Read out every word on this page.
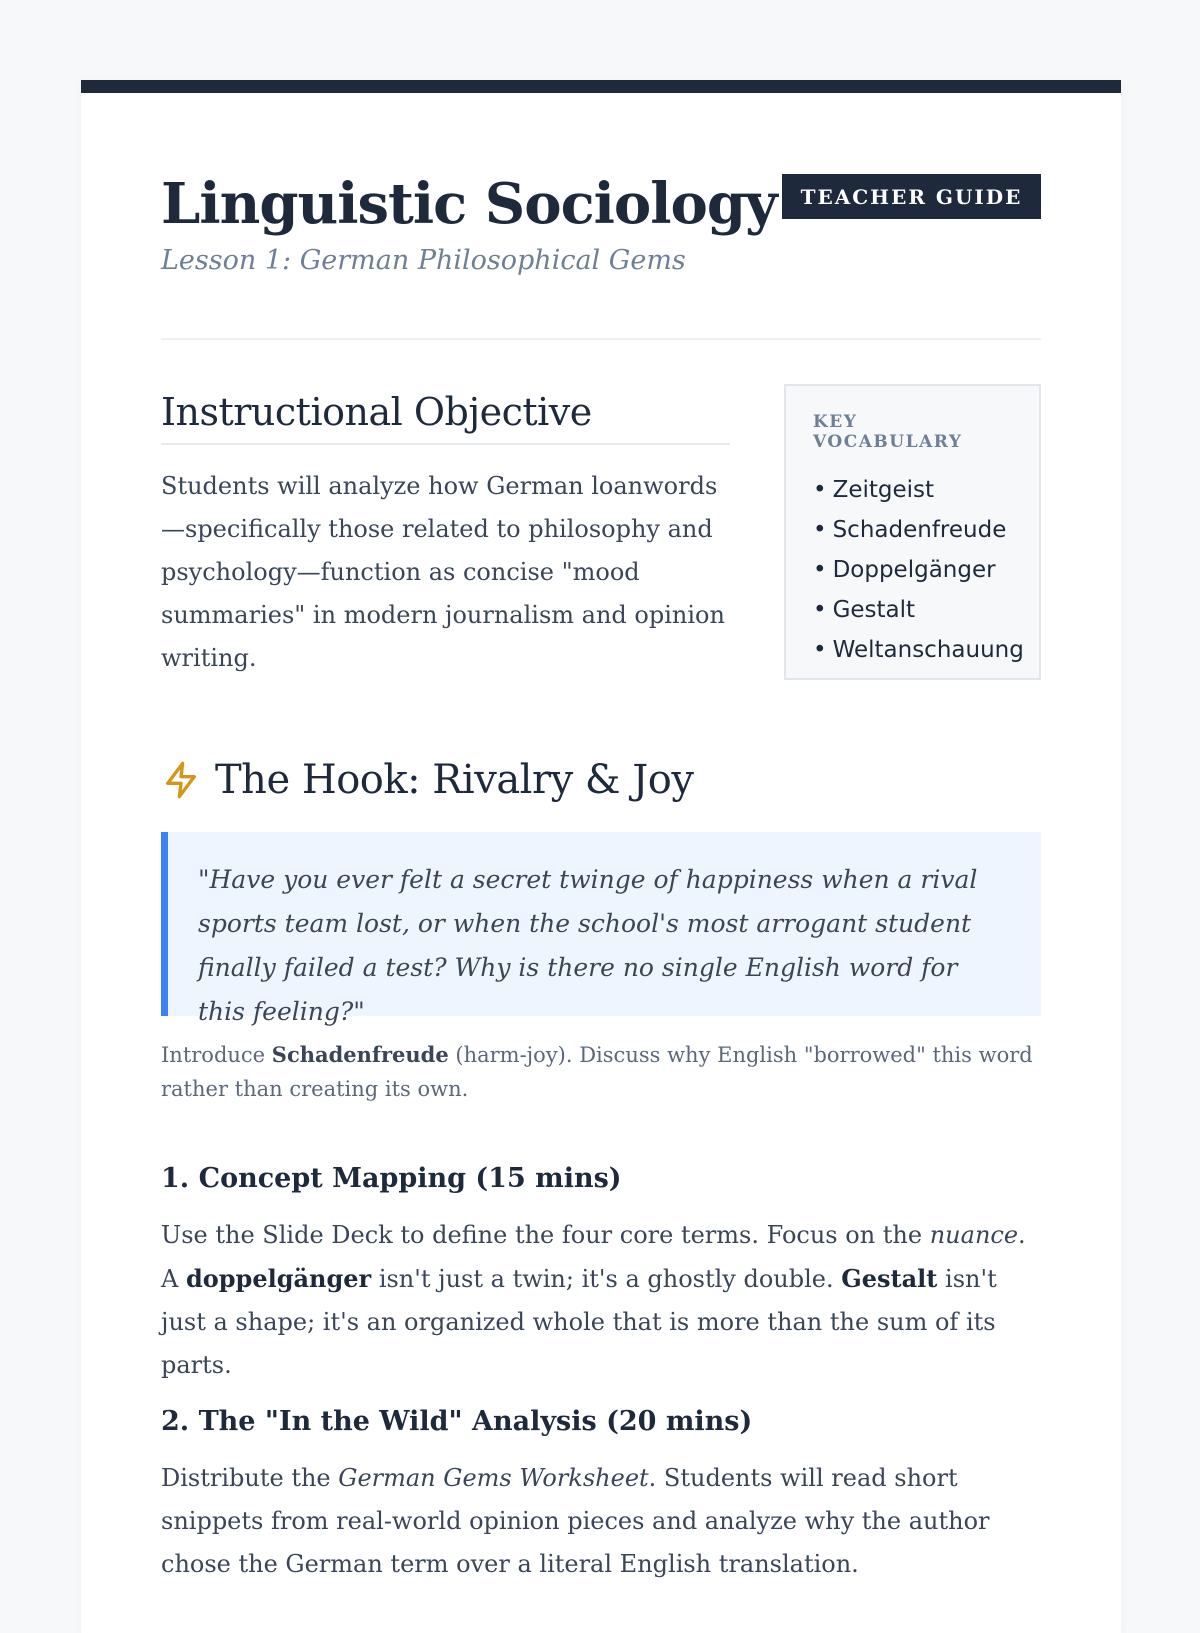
Linguistic Sociology
Lesson 1: German Philosophical Gems
TEACHER GUIDE
Instructional Objective

Students will analyze how German loanwords—specifically those related to philosophy and psychology—function as concise "mood summaries" in modern journalism and opinion writing.

KEY VOCABULARY
• Zeitgeist
• Schadenfreude
• Doppelgänger
• Gestalt
• Weltanschauung
The Hook: Rivalry & Joy
"Have you ever felt a secret twinge of happiness when a rival sports team lost, or when the school's most arrogant student finally failed a test? Why is there no single English word for this feeling?"
Introduce Schadenfreude (harm-joy). Discuss why English "borrowed" this word rather than creating its own.
1. Concept Mapping (15 mins)

Use the Slide Deck to define the four core terms. Focus on the nuance. A doppelgänger isn't just a twin; it's a ghostly double. Gestalt isn't just a shape; it's an organized whole that is more than the sum of its parts.

2. The "In the Wild" Analysis (20 mins)

Distribute the German Gems Worksheet. Students will read short snippets from real-world opinion pieces and analyze why the author chose the German term over a literal English translation.
